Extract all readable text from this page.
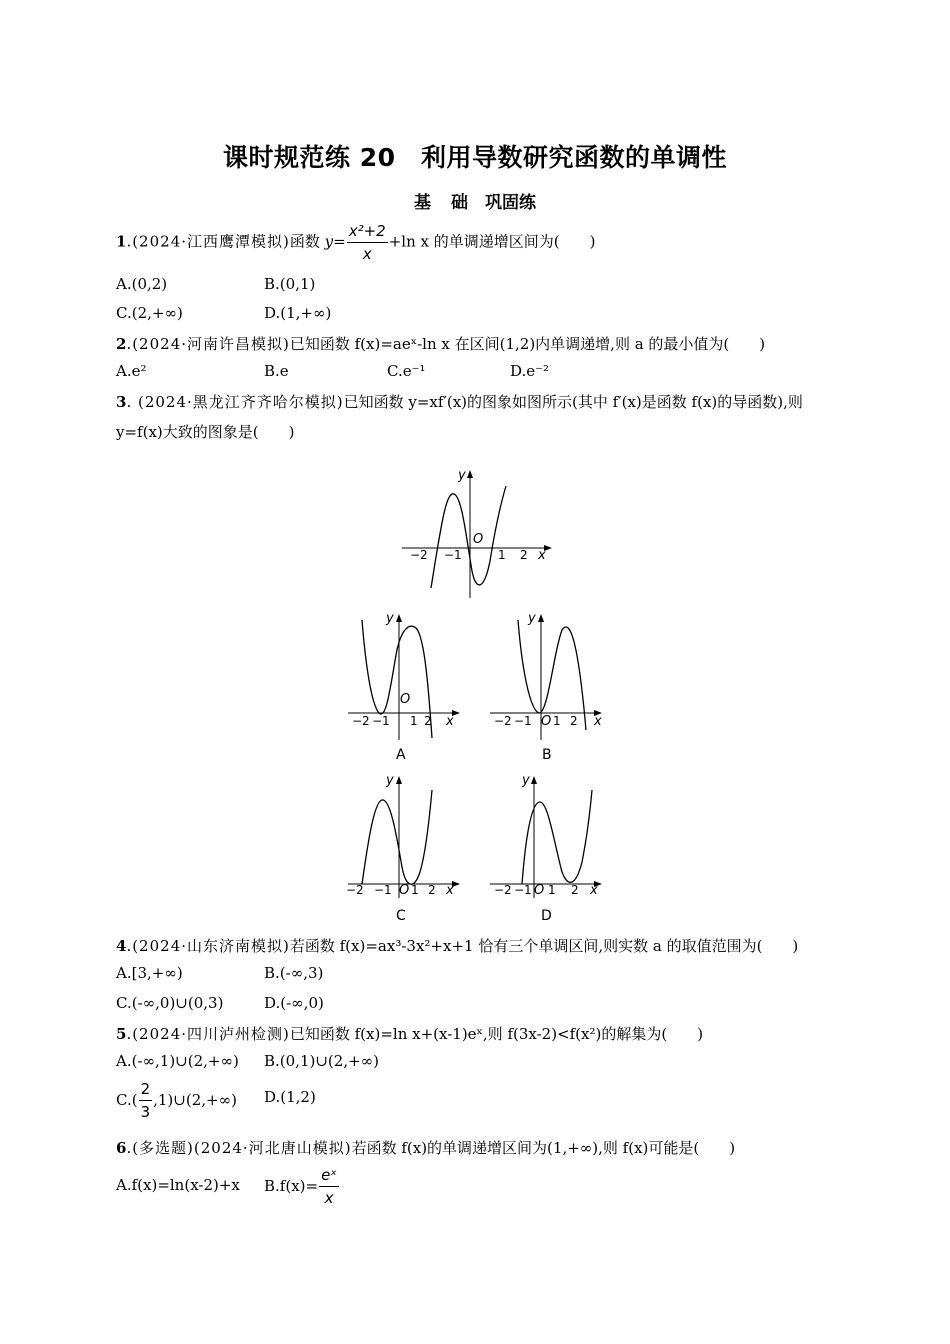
课时规范练 20　利用导数研究函数的单调性
基 础　巩固练
1.(2024·江西鹰潭模拟)函数 $y= \frac{\text{x²+2}}{x} +\ln$ x 的单调递增区间为(　　)
A.(0,2)	B.(0,1)
C.(2,+∞)	D.(1,+∞)
2.(2024·河南许昌模拟)已知函数 f(x)=aeˣ-ln x 在区间(1,2)内单调递增,则 a 的最小值为(　　)
A.e²	B.e	C.e⁻¹	D.e⁻²
3. (2024·黑龙江齐齐哈尔模拟)已知函数 y=xf′(x)的图象如图所示(其中 f′(x)是函数 f(x)的导函数),则
y=f(x)大致的图象是(　　)
y
x
O
−2 −1	1 2
y
x
O
−2 −1 1 2
A
y
x
O
−2 −1 1 2
B
y
x
O
−2 −1 1 2
C
y
x
O
−2 −1 1 2
D
4.(2024·山东济南模拟)若函数 f(x)=ax³-3x²+x+1 恰有三个单调区间,则实数 a 的取值范围为(　　)
A.[3,+∞)	B.(-∞,3)
C.(-∞,0)∪(0,3)	D.(-∞,0)
5.(2024·四川泸州检测)已知函数 f(x)=ln x+(x-1)eˣ,则 f(3x-2)<f(x²)的解集为(　　)
A.(-∞,1)∪(2,+∞) B.(0,1)∪(2,+∞)
$C.( \frac{2}{3}$ ,1)∪(2,+∞) D.(1,2)
6.(多选题)(2024·河北唐山模拟)若函数 f(x)的单调递增区间为(1,+∞),则 f(x)可能是(　　)
A.f(x)=ln(x-2)+x $B.f(x)= \frac{\text{eˣ}}{x}$
